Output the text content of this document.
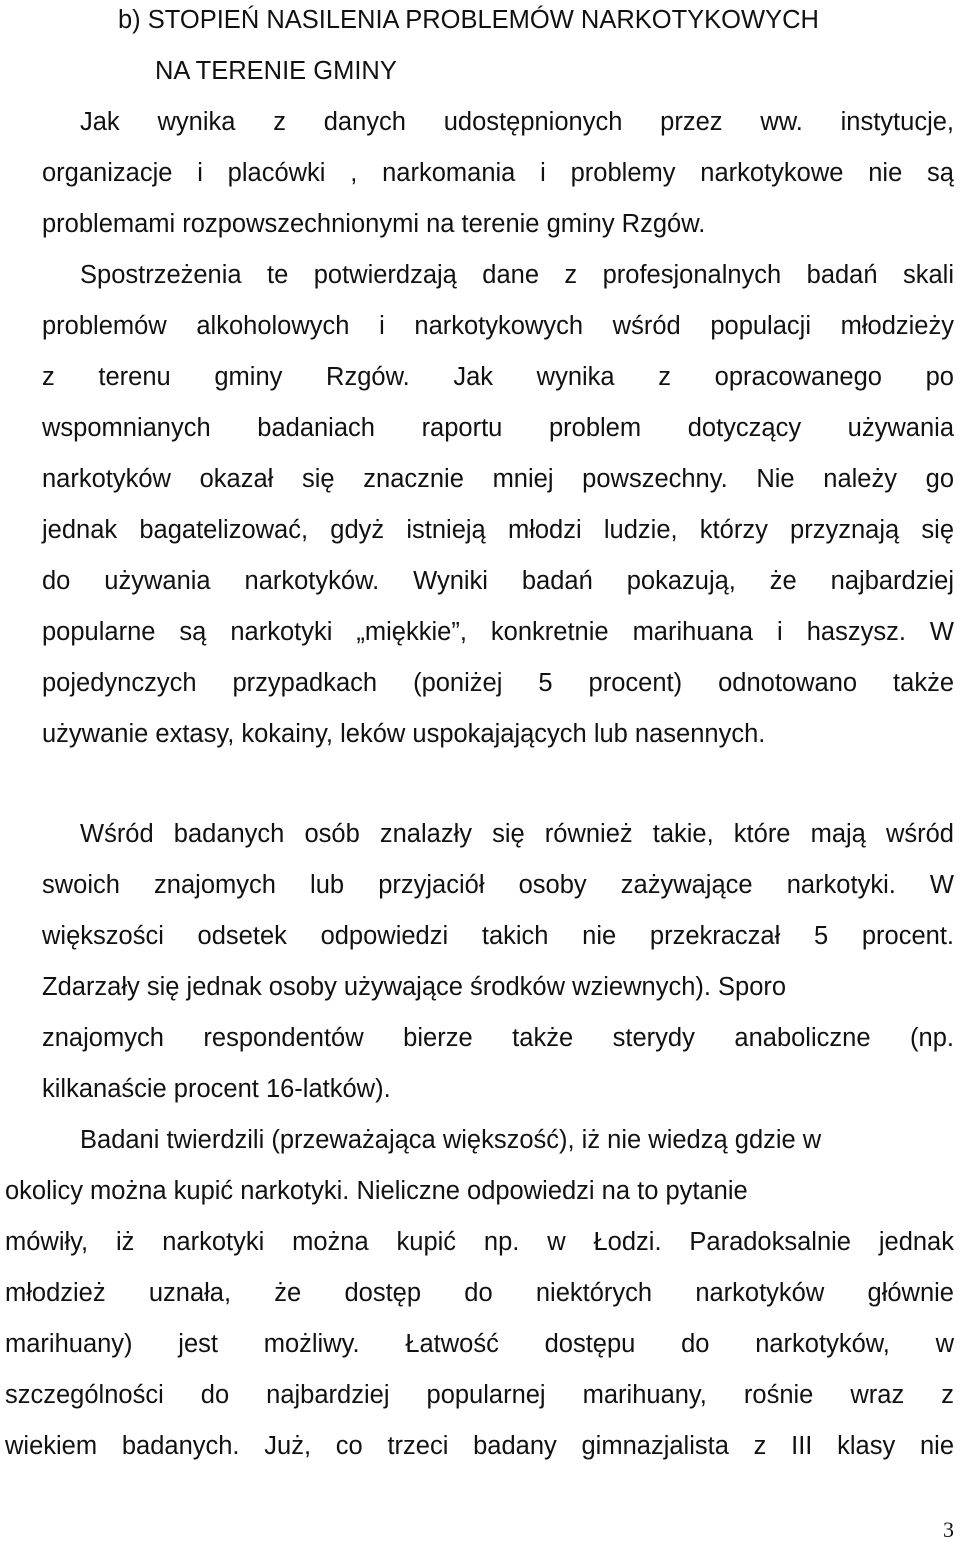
b) STOPIEŃ NASILENIA PROBLEMÓW NARKOTYKOWYCH
NA TERENIE GMINY
Jak wynika z danych udostępnionych przez ww. instytucje,
organizacje i placówki , narkomania i problemy narkotykowe nie są
problemami rozpowszechnionymi na terenie gminy Rzgów.
Spostrzeżenia te potwierdzają dane z profesjonalnych badań skali
problemów alkoholowych i narkotykowych wśród populacji młodzieży
z terenu gminy Rzgów. Jak wynika z opracowanego po
wspomnianych badaniach raportu problem dotyczący używania
narkotyków okazał się znacznie mniej powszechny. Nie należy go
jednak bagatelizować, gdyż istnieją młodzi ludzie, którzy przyznają się
do używania narkotyków. Wyniki badań pokazują, że najbardziej
popularne są narkotyki „miękkie”, konkretnie marihuana i haszysz. W
pojedynczych przypadkach (poniżej 5 procent) odnotowano także
używanie extasy, kokainy, leków uspokajających lub nasennych.
Wśród badanych osób znalazły się również takie, które mają wśród
swoich znajomych lub przyjaciół osoby zażywające narkotyki. W
większości odsetek odpowiedzi takich nie przekraczał 5 procent.
Zdarzały się jednak osoby używające środków wziewnych). Sporo
znajomych respondentów bierze także sterydy anaboliczne (np.
kilkanaście procent 16-latków).
Badani twierdzili (przeważająca większość), iż nie wiedzą gdzie w
okolicy można kupić narkotyki. Nieliczne odpowiedzi na to pytanie
mówiły, iż narkotyki można kupić np. w Łodzi. Paradoksalnie jednak
młodzież uznała, że dostęp do niektórych narkotyków głównie
marihuany) jest możliwy. Łatwość dostępu do narkotyków, w
szczególności do najbardziej popularnej marihuany, rośnie wraz z
wiekiem badanych. Już, co trzeci badany gimnazjalista z III klasy nie
3
